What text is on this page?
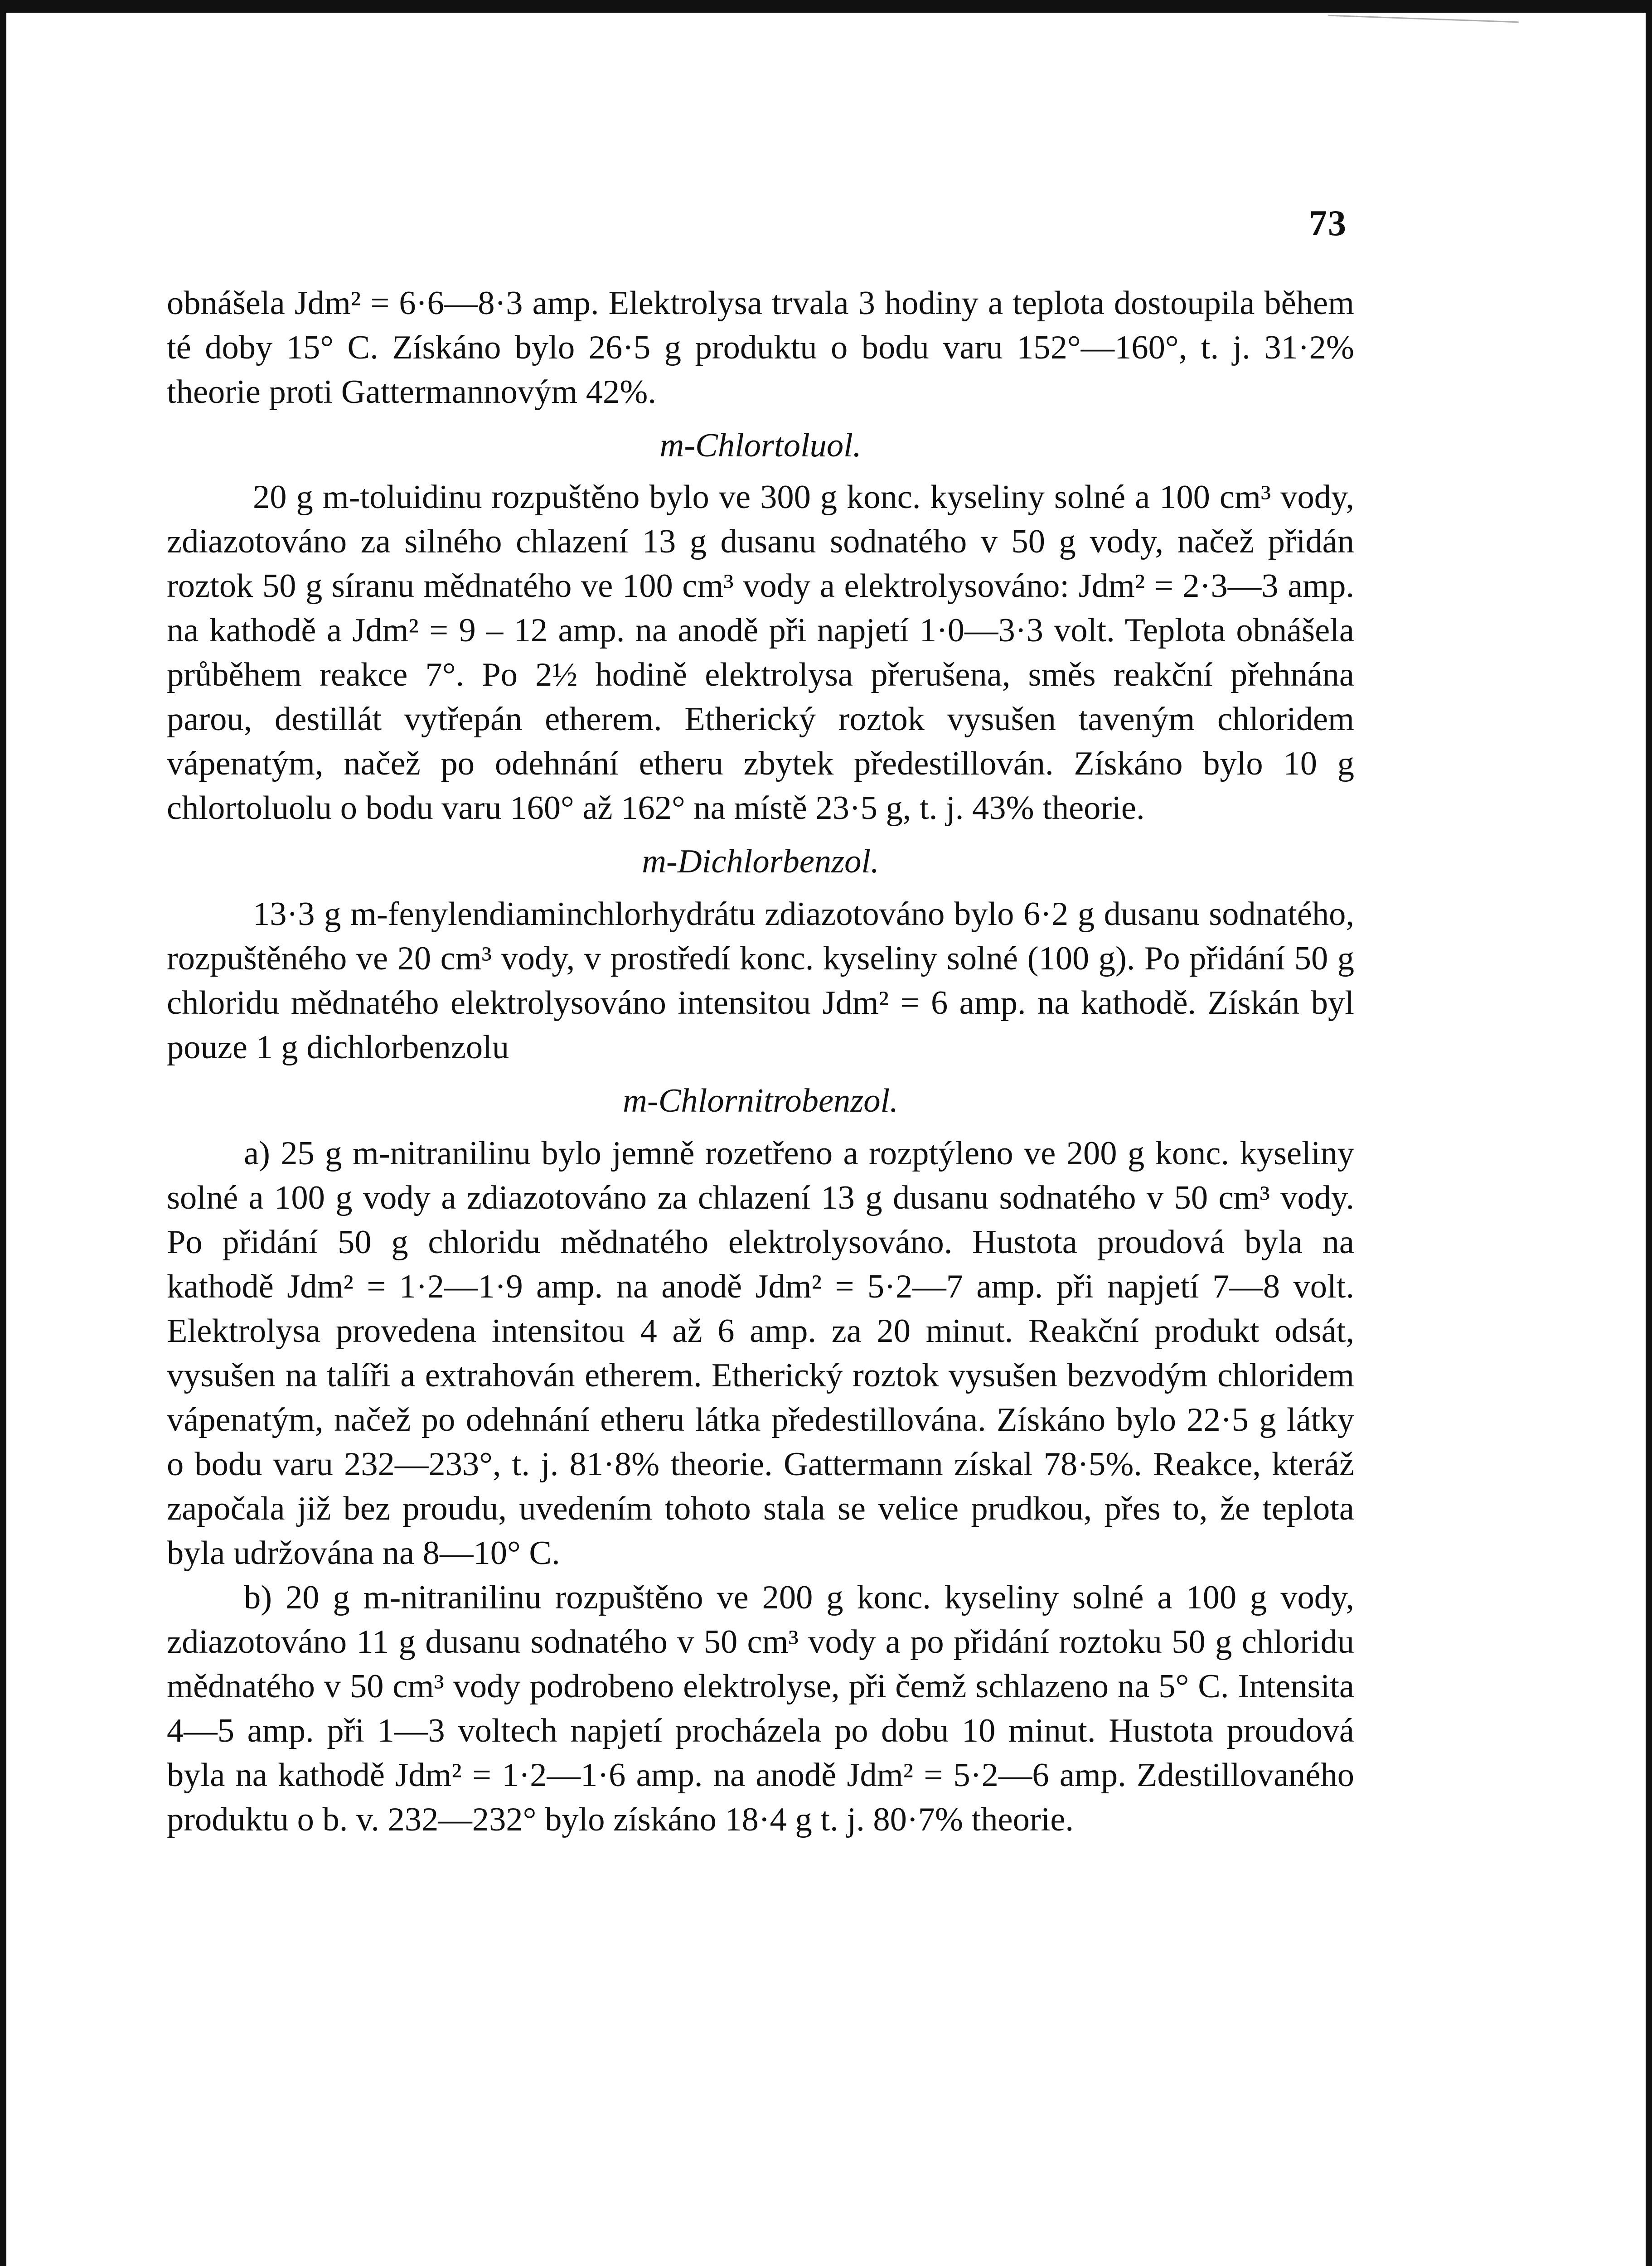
73

obnášela Jdm² = 6·6—8·3 amp. Elektrolysa trvala 3 hodiny a teplota dostoupila během té doby 15° C. Získáno bylo 26·5 g produktu o bodu varu 152°—160°, t. j. 31·2% theorie proti Gattermannovým 42%.

m-Chlortoluol.

20 g m-toluidinu rozpuštěno bylo ve 300 g konc. kyseliny solné a 100 cm³ vody, zdiazotováno za silného chlazení 13 g dusanu sodnatého v 50 g vody, načež přidán roztok 50 g síranu mědnatého ve 100 cm³ vody a elektrolysováno: Jdm² = 2·3—3 amp. na kathodě a Jdm² = 9 – 12 amp. na anodě při napjetí 1·0—3·3 volt. Teplota obnášela průběhem reakce 7°. Po 2½ hodině elektrolysa přerušena, směs reakční přehnána parou, destillát vytřepán etherem. Etherický roztok vysušen taveným chloridem vápenatým, načež po odehnání etheru zbytek předestillován. Získáno bylo 10 g chlortoluolu o bodu varu 160° až 162° na místě 23·5 g, t. j. 43% theorie.

m-Dichlorbenzol.

13·3 g m-fenylendiaminchlorhydrátu zdiazotováno bylo 6·2 g dusanu sodnatého, rozpuštěného ve 20 cm³ vody, v prostředí konc. kyseliny solné (100 g). Po přidání 50 g chloridu mědnatého elektrolysováno intensitou Jdm² = 6 amp. na kathodě. Získán byl pouze 1 g dichlorbenzolu

m-Chlornitrobenzol.

a) 25 g m-nitranilinu bylo jemně rozetřeno a rozptýleno ve 200 g konc. kyseliny solné a 100 g vody a zdiazotováno za chlazení 13 g dusanu sodnatého v 50 cm³ vody. Po přidání 50 g chloridu mědnatého elektrolysováno. Hustota proudová byla na kathodě Jdm² = 1·2—1·9 amp. na anodě Jdm² = 5·2—7 amp. při napjetí 7—8 volt. Elektrolysa provedena intensitou 4 až 6 amp. za 20 minut. Reakční produkt odsát, vysušen na talíři a extrahován etherem. Etherický roztok vysušen bezvodým chloridem vápenatým, načež po odehnání etheru látka předestillována. Získáno bylo 22·5 g látky o bodu varu 232—233°, t. j. 81·8% theorie. Gattermann získal 78·5%. Reakce, kteráž započala již bez proudu, uvedením tohoto stala se velice prudkou, přes to, že teplota byla udržována na 8—10° C.

b) 20 g m-nitranilinu rozpuštěno ve 200 g konc. kyseliny solné a 100 g vody, zdiazotováno 11 g dusanu sodnatého v 50 cm³ vody a po přidání roztoku 50 g chloridu mědnatého v 50 cm³ vody podrobeno elektrolyse, při čemž schlazeno na 5° C. Intensita 4—5 amp. při 1—3 voltech napjetí procházela po dobu 10 minut. Hustota proudová byla na kathodě Jdm² = 1·2—1·6 amp. na anodě Jdm² = 5·2—6 amp. Zdestillovaného produktu o b. v. 232—232° bylo získáno 18·4 g t. j. 80·7% theorie.
